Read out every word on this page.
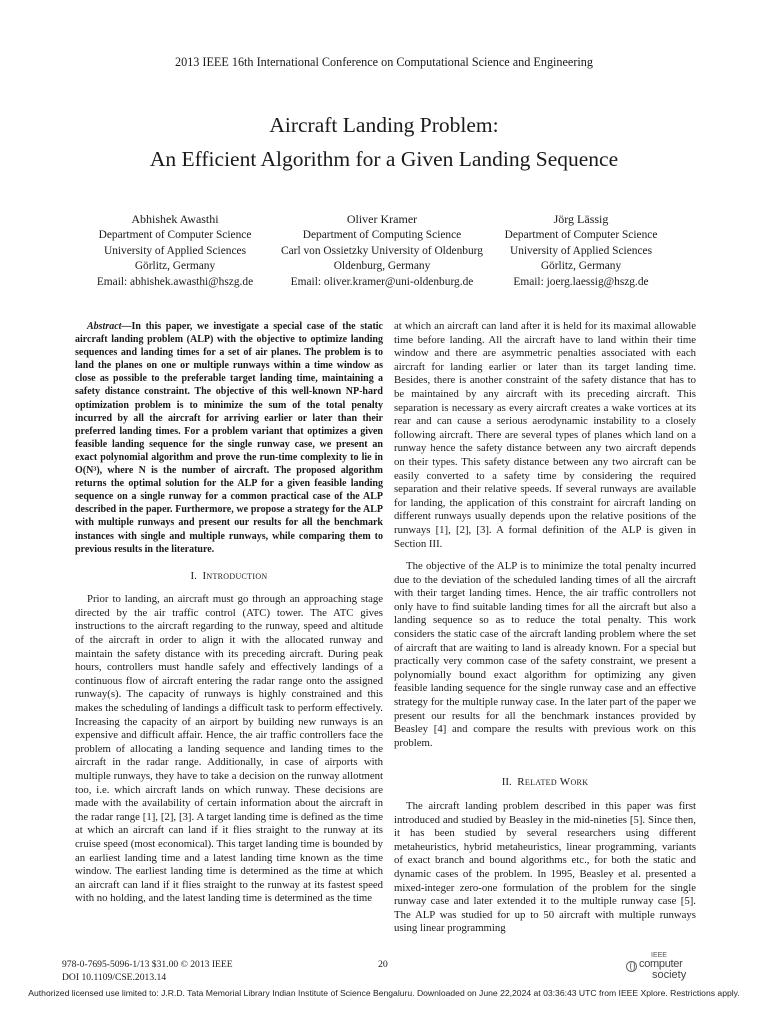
2013 IEEE 16th International Conference on Computational Science and Engineering
Aircraft Landing Problem:
An Efficient Algorithm for a Given Landing Sequence
Abhishek Awasthi
Department of Computer Science
University of Applied Sciences
Görlitz, Germany
Email: abhishek.awasthi@hszg.de
Oliver Kramer
Department of Computing Science
Carl von Ossietzky University of Oldenburg
Oldenburg, Germany
Email: oliver.kramer@uni-oldenburg.de
Jörg Lässig
Department of Computer Science
University of Applied Sciences
Görlitz, Germany
Email: joerg.laessig@hszg.de

Abstract—In this paper, we investigate a special case of the static aircraft landing problem (ALP) with the objective to optimize landing sequences and landing times for a set of air planes. The problem is to land the planes on one or multiple runways within a time window as close as possible to the preferable target landing time, maintaining a safety distance constraint. The objective of this well-known NP-hard optimization problem is to minimize the sum of the total penalty incurred by all the aircraft for arriving earlier or later than their preferred landing times. For a problem variant that optimizes a given feasible landing sequence for the single runway case, we present an exact polynomial algorithm and prove the run-time complexity to lie in O(N³), where N is the number of aircraft. The proposed algorithm returns the optimal solution for the ALP for a given feasible landing sequence on a single runway for a common practical case of the ALP described in the paper. Furthermore, we propose a strategy for the ALP with multiple runways and present our results for all the benchmark instances with single and multiple runways, while comparing them to previous results in the literature.

I. Introduction

Prior to landing, an aircraft must go through an approaching stage directed by the air traffic control (ATC) tower. The ATC gives instructions to the aircraft regarding to the runway, speed and altitude of the aircraft in order to align it with the allocated runway and maintain the safety distance with its preceding aircraft. During peak hours, controllers must handle safely and effectively landings of a continuous flow of aircraft entering the radar range onto the assigned runway(s). The capacity of runways is highly constrained and this makes the scheduling of landings a difficult task to perform effectively. Increasing the capacity of an airport by building new runways is an expensive and difficult affair. Hence, the air traffic controllers face the problem of allocating a landing sequence and landing times to the aircraft in the radar range. Additionally, in case of airports with multiple runways, they have to take a decision on the runway allotment too, i.e. which aircraft lands on which runway. These decisions are made with the availability of certain information about the aircraft in the radar range [1], [2], [3]. A target landing time is defined as the time at which an aircraft can land if it flies straight to the runway at its cruise speed (most economical). This target landing time is bounded by an earliest landing time and a latest landing time known as the time window. The earliest landing time is determined as the time at which an aircraft can land if it flies straight to the runway at its fastest speed with no holding, and the latest landing time is determined as the time

at which an aircraft can land after it is held for its maximal allowable time before landing. All the aircraft have to land within their time window and there are asymmetric penalties associated with each aircraft for landing earlier or later than its target landing time. Besides, there is another constraint of the safety distance that has to be maintained by any aircraft with its preceding aircraft. This separation is necessary as every aircraft creates a wake vortices at its rear and can cause a serious aerodynamic instability to a closely following aircraft. There are several types of planes which land on a runway hence the safety distance between any two aircraft depends on their types. This safety distance between any two aircraft can be easily converted to a safety time by considering the required separation and their relative speeds. If several runways are available for landing, the application of this constraint for aircraft landing on different runways usually depends upon the relative positions of the runways [1], [2], [3]. A formal definition of the ALP is given in Section III.

The objective of the ALP is to minimize the total penalty incurred due to the deviation of the scheduled landing times of all the aircraft with their target landing times. Hence, the air traffic controllers not only have to find suitable landing times for all the aircraft but also a landing sequence so as to reduce the total penalty. This work considers the static case of the aircraft landing problem where the set of aircraft that are waiting to land is already known. For a special but practically very common case of the safety constraint, we present a polynomially bound exact algorithm for optimizing any given feasible landing sequence for the single runway case and an effective strategy for the multiple runway case. In the later part of the paper we present our results for all the benchmark instances provided by Beasley [4] and compare the results with previous work on this problem.

II. Related Work

The aircraft landing problem described in this paper was first introduced and studied by Beasley in the mid-nineties [5]. Since then, it has been studied by several researchers using different metaheuristics, hybrid metaheuristics, linear programming, variants of exact branch and bound algorithms etc., for both the static and dynamic cases of the problem. In 1995, Beasley et al. presented a mixed-integer zero-one formulation of the problem for the single runway case and later extended it to the multiple runway case [5]. The ALP was studied for up to 50 aircraft with multiple runways using linear programming

978-0-7695-5096-1/13 $31.00 © 2013 IEEE
DOI 10.1109/CSE.2013.14
20
IEEE
computer
society
Authorized licensed use limited to: J.R.D. Tata Memorial Library Indian Institute of Science Bengaluru. Downloaded on June 22,2024 at 03:36:43 UTC from IEEE Xplore. Restrictions apply.
